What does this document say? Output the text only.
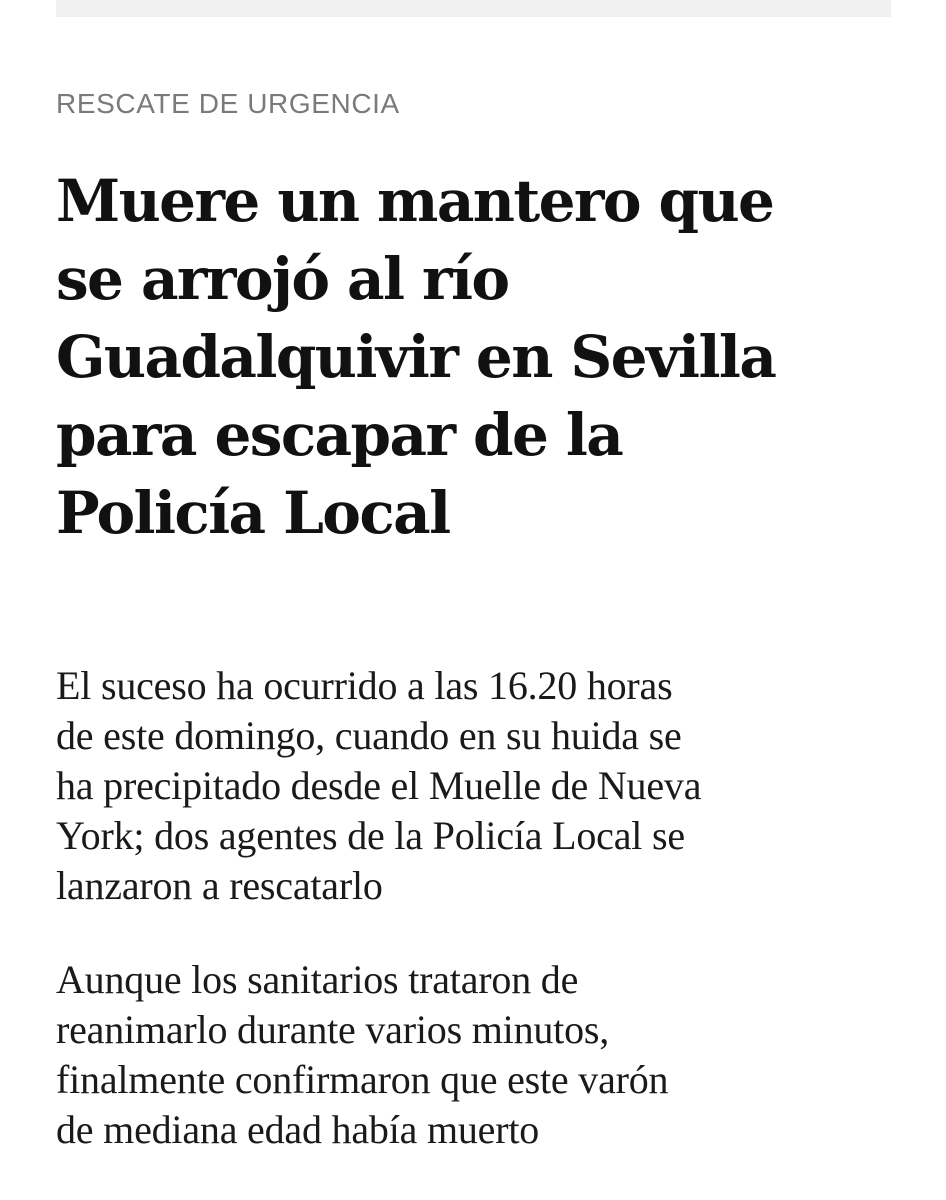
RESCATE DE URGENCIA
Muere un mantero que
se arrojó al río
Guadalquivir en Sevilla
para escapar de la
Policía Local

El suceso ha ocurrido a las 16.20 horas
de este domingo, cuando en su huida se
ha precipitado desde el Muelle de Nueva
York; dos agentes de la Policía Local se
lanzaron a rescatarlo

Aunque los sanitarios trataron de
reanimarlo durante varios minutos,
finalmente confirmaron que este varón
de mediana edad había muerto
